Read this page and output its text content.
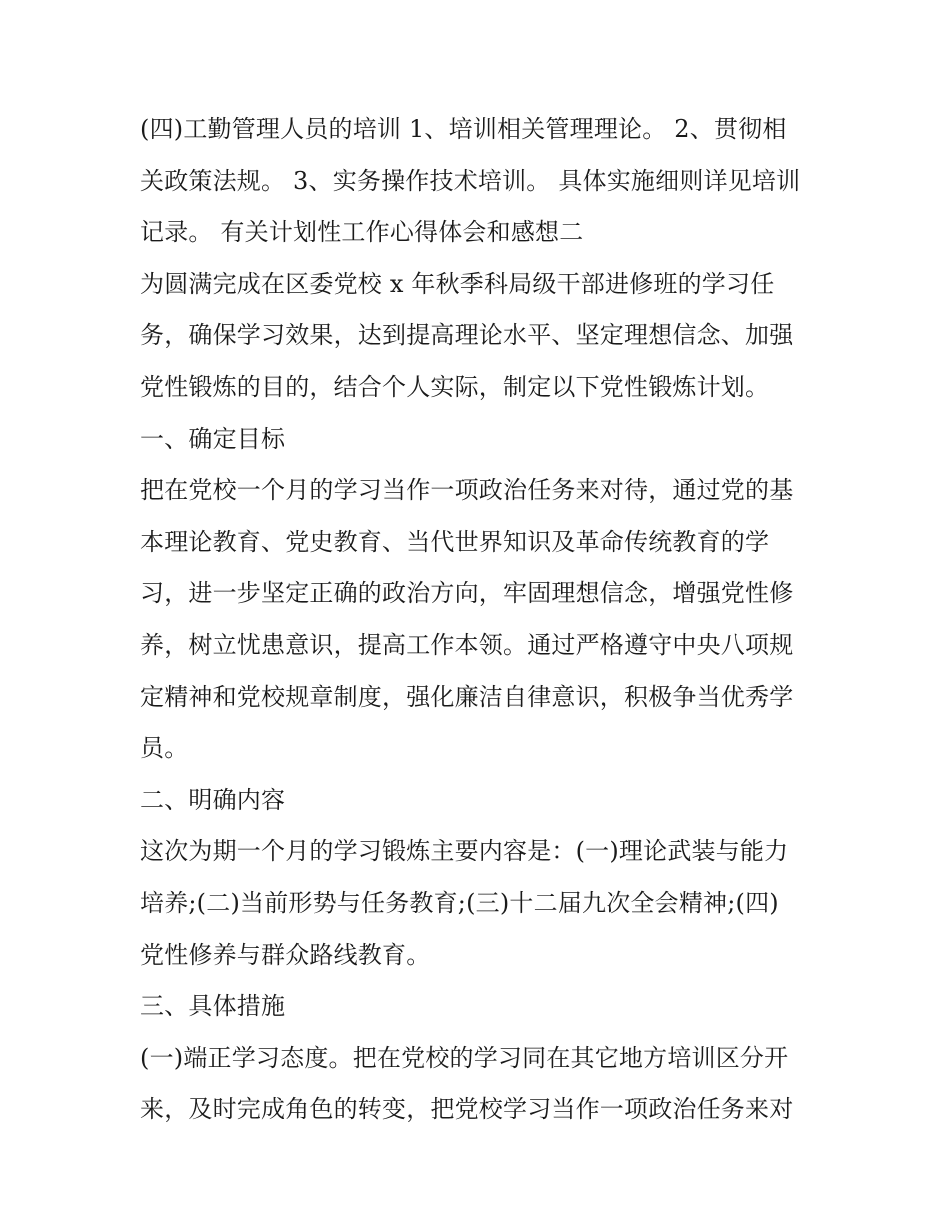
(四)工勤管理人员的培训 1、培训相关管理理论。 2、贯彻相
关政策法规。 3、实务操作技术培训。 具体实施细则详见培训
记录。 有关计划性工作心得体会和感想二
为圆满完成在区委党校 x 年秋季科局级干部进修班的学习任
务，确保学习效果，达到提高理论水平、坚定理想信念、加强
党性锻炼的目的，结合个人实际，制定以下党性锻炼计划。
一、确定目标
把在党校一个月的学习当作一项政治任务来对待，通过党的基
本理论教育、党史教育、当代世界知识及革命传统教育的学
习，进一步坚定正确的政治方向，牢固理想信念，增强党性修
养，树立忧患意识，提高工作本领。通过严格遵守中央八项规
定精神和党校规章制度，强化廉洁自律意识，积极争当优秀学
员。
二、明确内容
这次为期一个月的学习锻炼主要内容是：(一)理论武装与能力
培养;(二)当前形势与任务教育;(三)十二届九次全会精神;(四)
党性修养与群众路线教育。
三、具体措施
(一)端正学习态度。把在党校的学习同在其它地方培训区分开
来，及时完成角色的转变，把党校学习当作一项政治任务来对
